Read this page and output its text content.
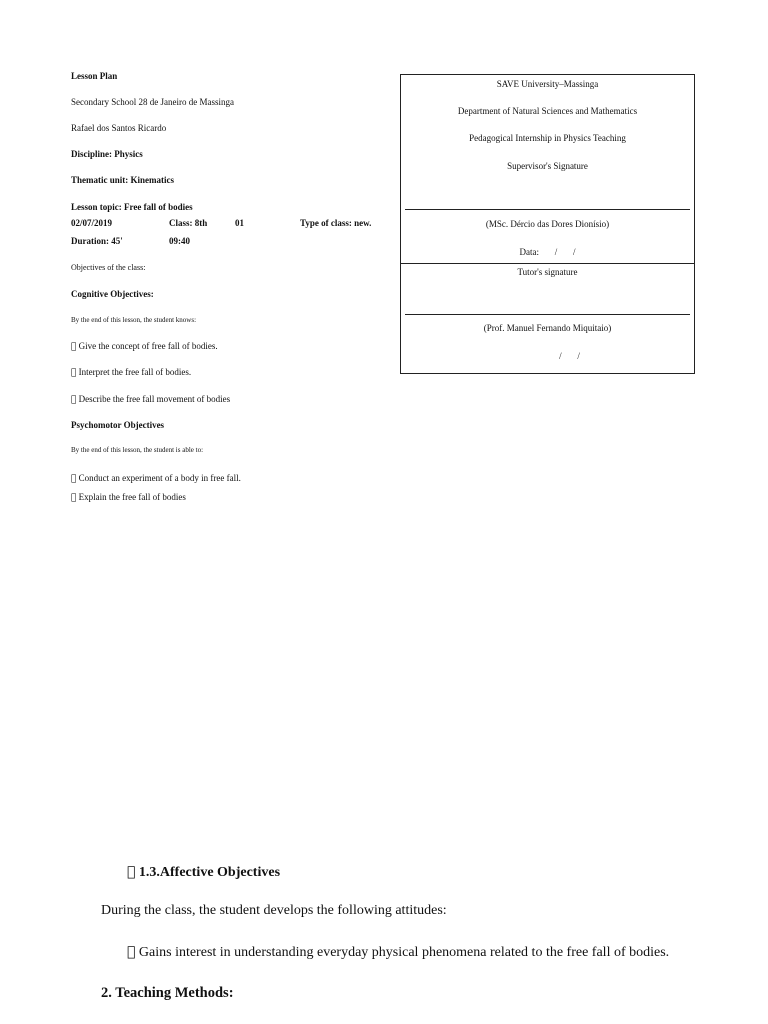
Lesson Plan
Secondary School 28 de Janeiro de Massinga
Rafael dos Santos Ricardo
Discipline: Physics
Thematic unit: Kinematics
Lesson topic: Free fall of bodies
02/07/2019	Class: 8th	01	Type of class: new.
Duration: 45'	09:40
Objectives of the class:
Cognitive Objectives:
By the end of this lesson, the student knows:
Give the concept of free fall of bodies.
Interpret the free fall of bodies.
Describe the free fall movement of bodies
Psychomotor Objectives
By the end of this lesson, the student is able to:
Conduct an experiment of a body in free fall.
Explain the free fall of bodies
SAVE University–Massinga
Department of Natural Sciences and Mathematics
Pedagogical Internship in Physics Teaching
Supervisor's Signature
(MSc. Dércio das Dores Dionísio)
Data:       /       /
Tutor's signature
(Prof. Manuel Fernando Miquitaio)
/       /
1.3.Affective Objectives
During the class, the student develops the following attitudes:
Gains interest in understanding everyday physical phenomena related to the free fall of bodies.
2. Teaching Methods:
